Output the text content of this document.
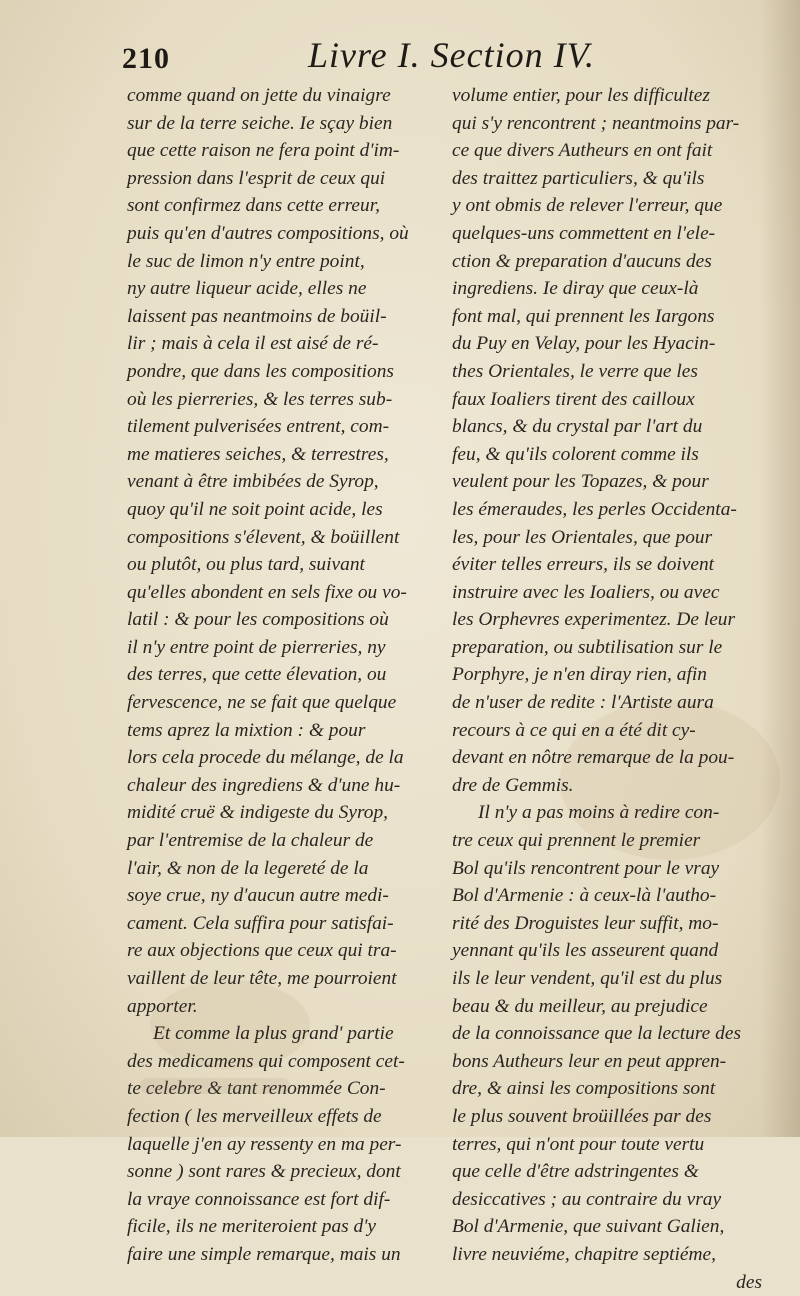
210	Livre I. Section IV.
comme quand on jette du vinaigre
sur de la terre seiche. Ie sçay bien
que cette raison ne fera point d'im-
pression dans l'esprit de ceux qui
sont confirmez dans cette erreur,
puis qu'en d'autres compositions, où
le suc de limon n'y entre point,
ny autre liqueur acide, elles ne
laissent pas neantmoins de boüil-
lir ; mais à cela il est aisé de ré-
pondre, que dans les compositions
où les pierreries, & les terres sub-
tilement pulverisées entrent, com-
me matieres seiches, & terrestres,
venant à être imbibées de Syrop,
quoy qu'il ne soit point acide, les
compositions s'élevent, & boüillent
ou plutôt, ou plus tard, suivant
qu'elles abondent en sels fixe ou vo-
latil : & pour les compositions où
il n'y entre point de pierreries, ny
des terres, que cette élevation, ou
fervescence, ne se fait que quelque
tems aprez la mixtion : & pour
lors cela procede du mélange, de la
chaleur des ingrediens & d'une hu-
midité cruë & indigeste du Syrop,
par l'entremise de la chaleur de
l'air, & non de la legereté de la
soye crue, ny d'aucun autre medi-
cament. Cela suffira pour satisfai-
re aux objections que ceux qui tra-
vaillent de leur tête, me pourroient
apporter.
Et comme la plus grand' partie
des medicamens qui composent cet-
te celebre & tant renommée Con-
fection ( les merveilleux effets de
laquelle j'en ay ressenty en ma per-
sonne ) sont rares & precieux, dont
la vraye connoissance est fort dif-
ficile, ils ne meriteroient pas d'y
faire une simple remarque, mais un
volume entier, pour les difficultez
qui s'y rencontrent ; neantmoins par-
ce que divers Autheurs en ont fait
des traittez particuliers, & qu'ils
y ont obmis de relever l'erreur, que
quelques-uns commettent en l'ele-
ction & preparation d'aucuns des
ingrediens. Ie diray que ceux-là
font mal, qui prennent les Iargons
du Puy en Velay, pour les Hyacin-
thes Orientales, le verre que les
faux Ioaliers tirent des cailloux
blancs, & du crystal par l'art du
feu, & qu'ils colorent comme ils
veulent pour les Topazes, & pour
les émeraudes, les perles Occidenta-
les, pour les Orientales, que pour
éviter telles erreurs, ils se doivent
instruire avec les Ioaliers, ou avec
les Orphevres experimentez. De leur
preparation, ou subtilisation sur le
Porphyre, je n'en diray rien, afin
de n'user de redite : l'Artiste aura
recours à ce qui en a été dit cy-
devant en nôtre remarque de la pou-
dre de Gemmis.
Il n'y a pas moins à redire con-
tre ceux qui prennent le premier
Bol qu'ils rencontrent pour le vray
Bol d'Armenie : à ceux-là l'autho-
rité des Droguistes leur suffit, mo-
yennant qu'ils les asseurent quand
ils le leur vendent, qu'il est du plus
beau & du meilleur, au prejudice
de la connoissance que la lecture des
bons Autheurs leur en peut appren-
dre, & ainsi les compositions sont
le plus souvent broüillées par des
terres, qui n'ont pour toute vertu
que celle d'être adstringentes &
desiccatives ; au contraire du vray
Bol d'Armenie, que suivant Galien,
livre neuviéme, chapitre septiéme,
des
